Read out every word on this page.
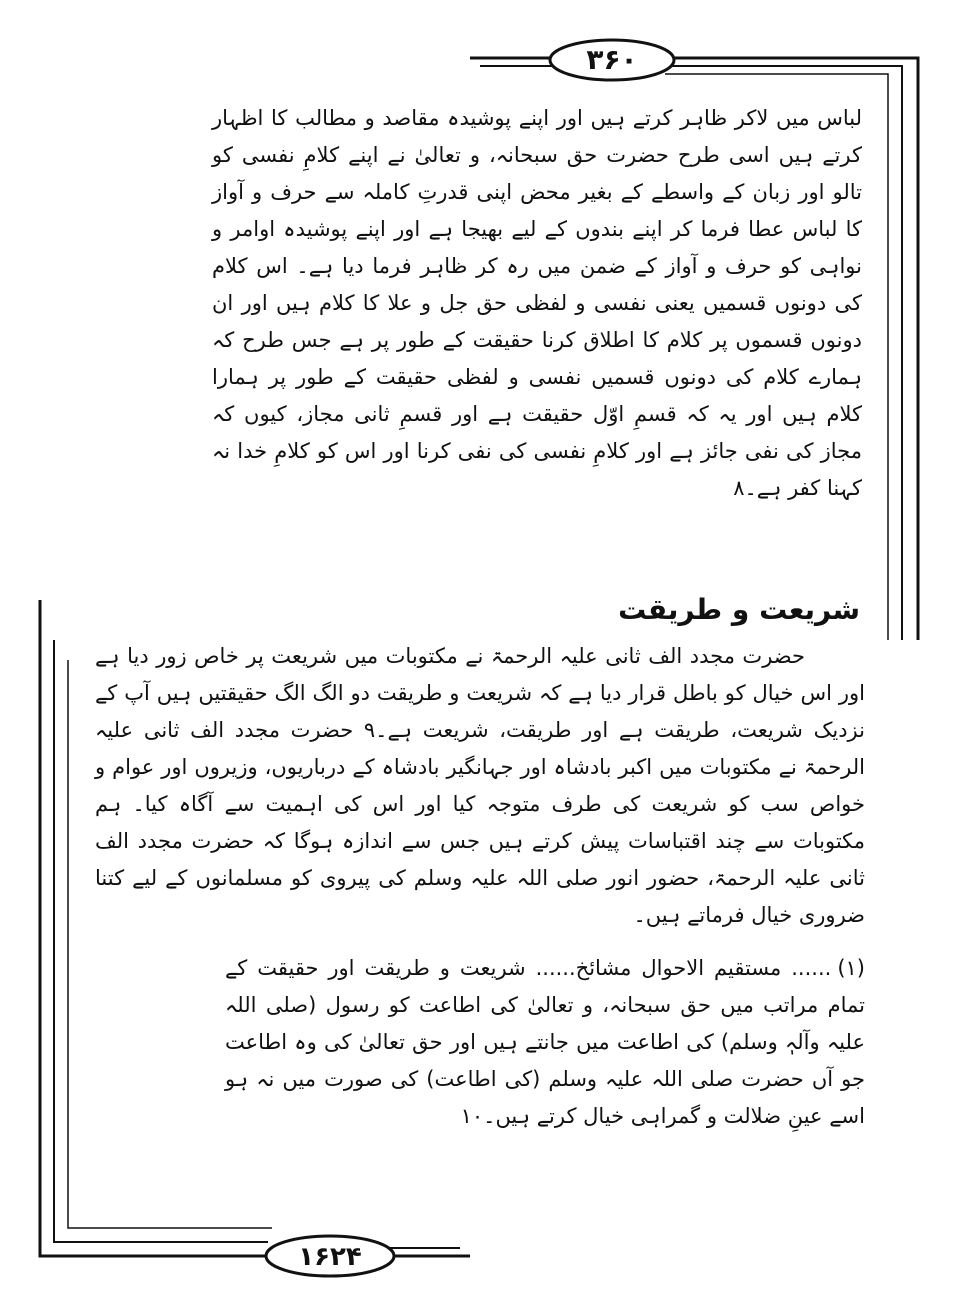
۳۶۰

لباس میں لاکر ظاہر کرتے ہیں اور اپنے پوشیدہ مقاصد و مطالب کا اظہار کرتے ہیں اسی طرح حضرت حق سبحانہ، و تعالیٰ نے اپنے کلامِ نفسی کو تالو اور زبان کے واسطے کے بغیر محض اپنی قدرتِ کاملہ سے حرف و آواز کا لباس عطا فرما کر اپنے بندوں کے لیے بھیجا ہے اور اپنے پوشیدہ اوامر و نواہی کو حرف و آواز کے ضمن میں رہ کر ظاہر فرما دیا ہے۔ اس کلام کی دونوں قسمیں یعنی نفسی و لفظی حق جل و علا کا کلام ہیں اور ان دونوں قسموں پر کلام کا اطلاق کرنا حقیقت کے طور پر ہے جس طرح کہ ہمارے کلام کی دونوں قسمیں نفسی و لفظی حقیقت کے طور پر ہمارا کلام ہیں اور یہ کہ قسمِ اوّل حقیقت ہے اور قسمِ ثانی مجاز، کیوں کہ مجاز کی نفی جائز ہے اور کلامِ نفسی کی نفی کرنا اور اس کو کلامِ خدا نہ کہنا کفر ہے۔۸

شریعت و طریقت

حضرت مجدد الف ثانی علیہ الرحمۃ نے مکتوبات میں شریعت پر خاص زور دیا ہے اور اس خیال کو باطل قرار دیا ہے کہ شریعت و طریقت دو الگ الگ حقیقتیں ہیں آپ کے نزدیک شریعت، طریقت ہے اور طریقت، شریعت ہے۔۹ حضرت مجدد الف ثانی علیہ الرحمۃ نے مکتوبات میں اکبر بادشاہ اور جہانگیر بادشاہ کے درباریوں، وزیروں اور عوام و خواص سب کو شریعت کی طرف متوجہ کیا اور اس کی اہمیت سے آگاہ کیا۔ ہم مکتوبات سے چند اقتباسات پیش کرتے ہیں جس سے اندازہ ہوگا کہ حضرت مجدد الف ثانی علیہ الرحمۃ، حضور انور صلی اللہ علیہ وسلم کی پیروی کو مسلمانوں کے لیے کتنا ضروری خیال فرماتے ہیں۔

(۱)...... مستقیم الاحوال مشائخ...... شریعت و طریقت اور حقیقت کے تمام مراتب میں حق سبحانہ، و تعالیٰ کی اطاعت کو رسول (صلی اللہ علیہ وآلہٖ وسلم) کی اطاعت میں جانتے ہیں اور حق تعالیٰ کی وہ اطاعت جو آں حضرت صلی اللہ علیہ وسلم (کی اطاعت) کی صورت میں نہ ہو اسے عینِ ضلالت و گمراہی خیال کرتے ہیں۔۱۰

۱۶۲۴
